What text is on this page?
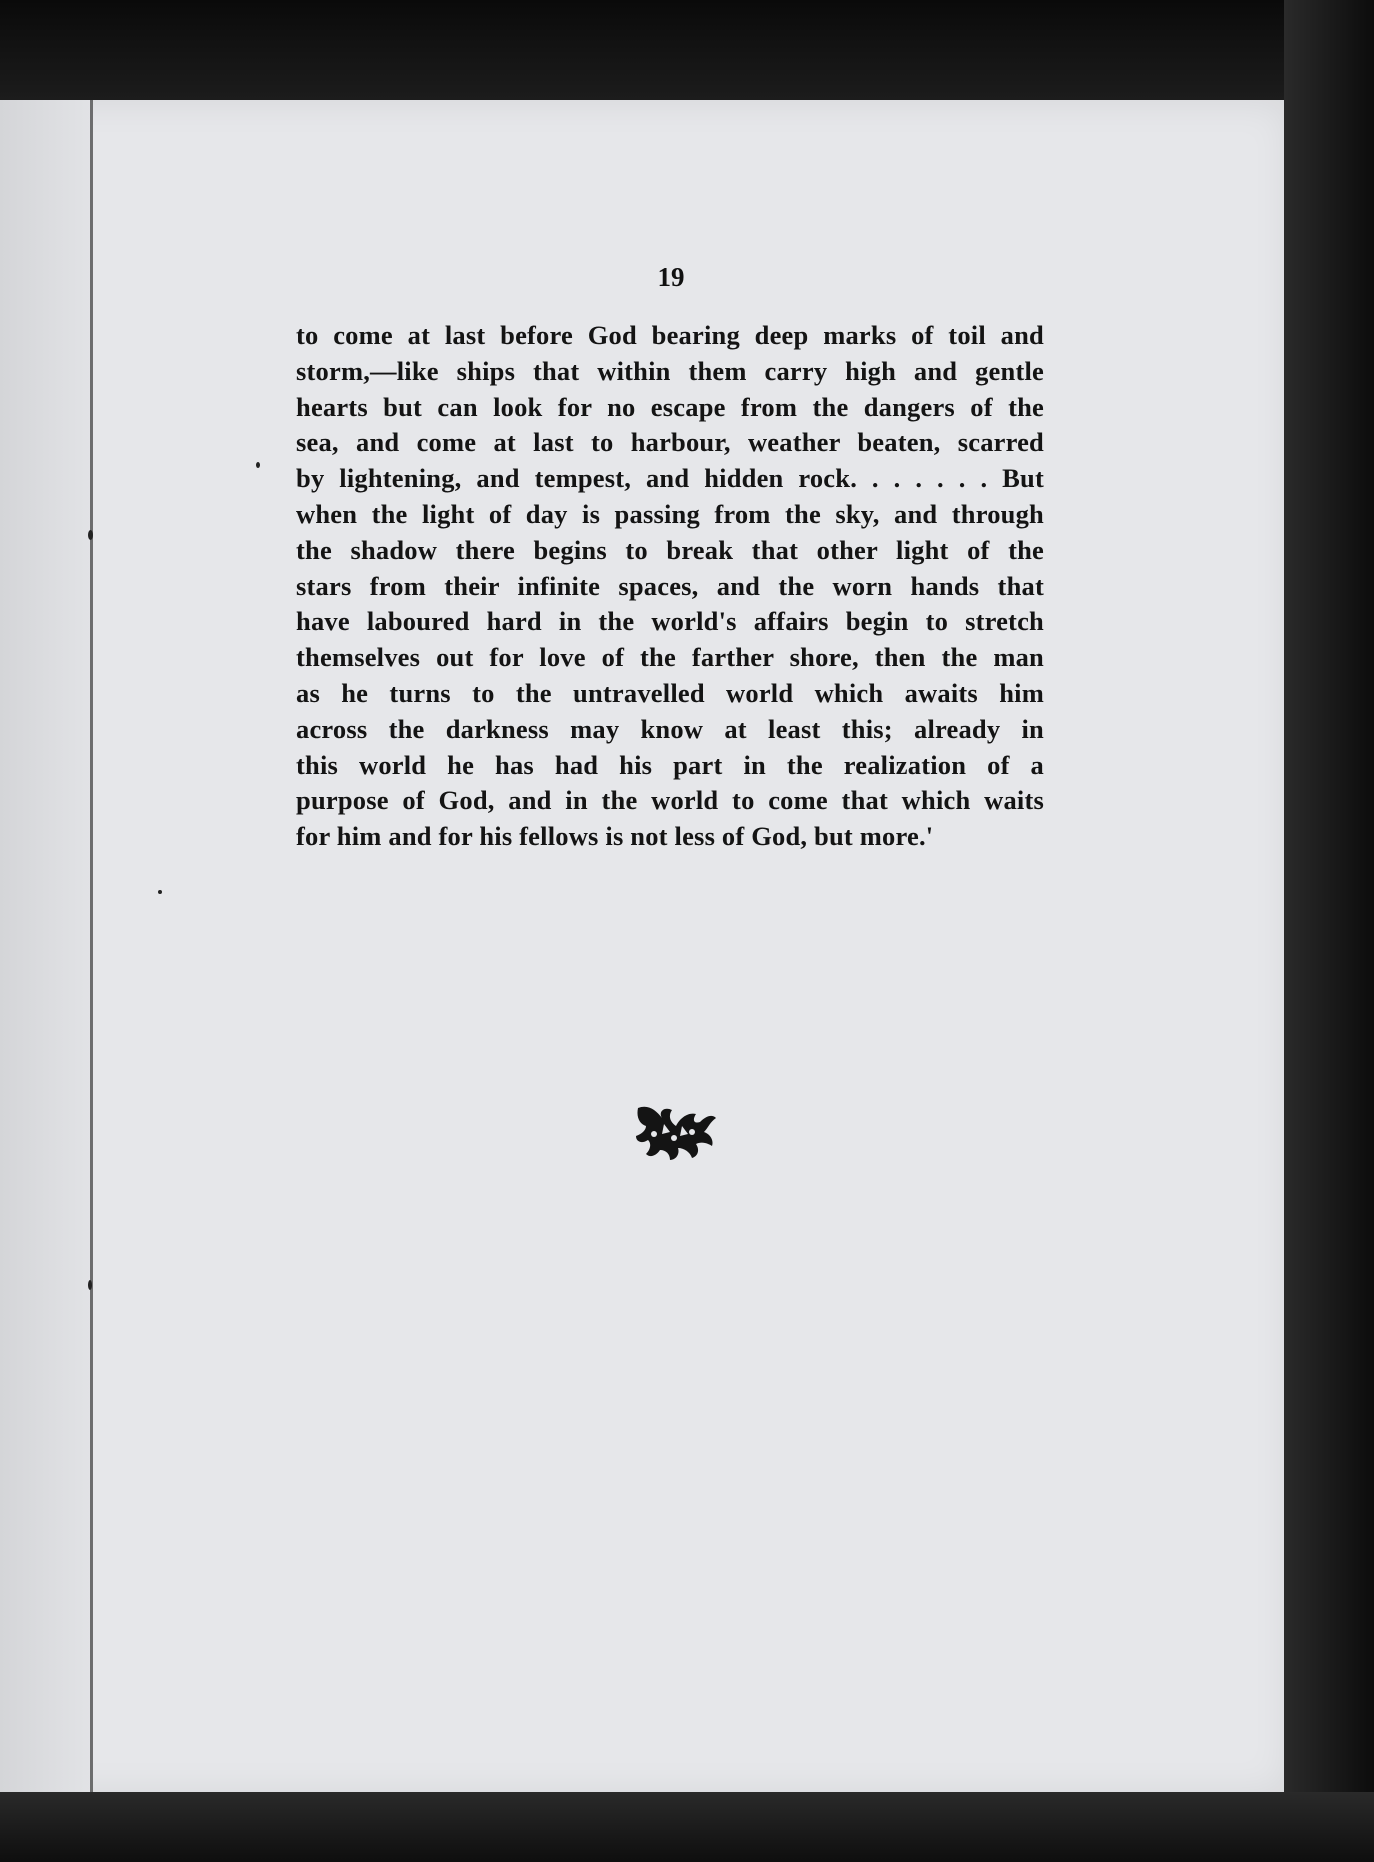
19
to come at last before God bearing deep marks of toil and
storm,—like ships that within them carry high and gentle
hearts but can look for no escape from the dangers of the
sea, and come at last to harbour, weather beaten, scarred
by lightening, and tempest, and hidden rock. . . . . . . But
when the light of day is passing from the sky, and through
the shadow there begins to break that other light of the
stars from their infinite spaces, and the worn hands that
have laboured hard in the world's affairs begin to stretch
themselves out for love of the farther shore, then the man
as he turns to the untravelled world which awaits him
across the darkness may know at least this; already in
this world he has had his part in the realization of a
purpose of God, and in the world to come that which waits
for him and for his fellows is not less of God, but more.'
